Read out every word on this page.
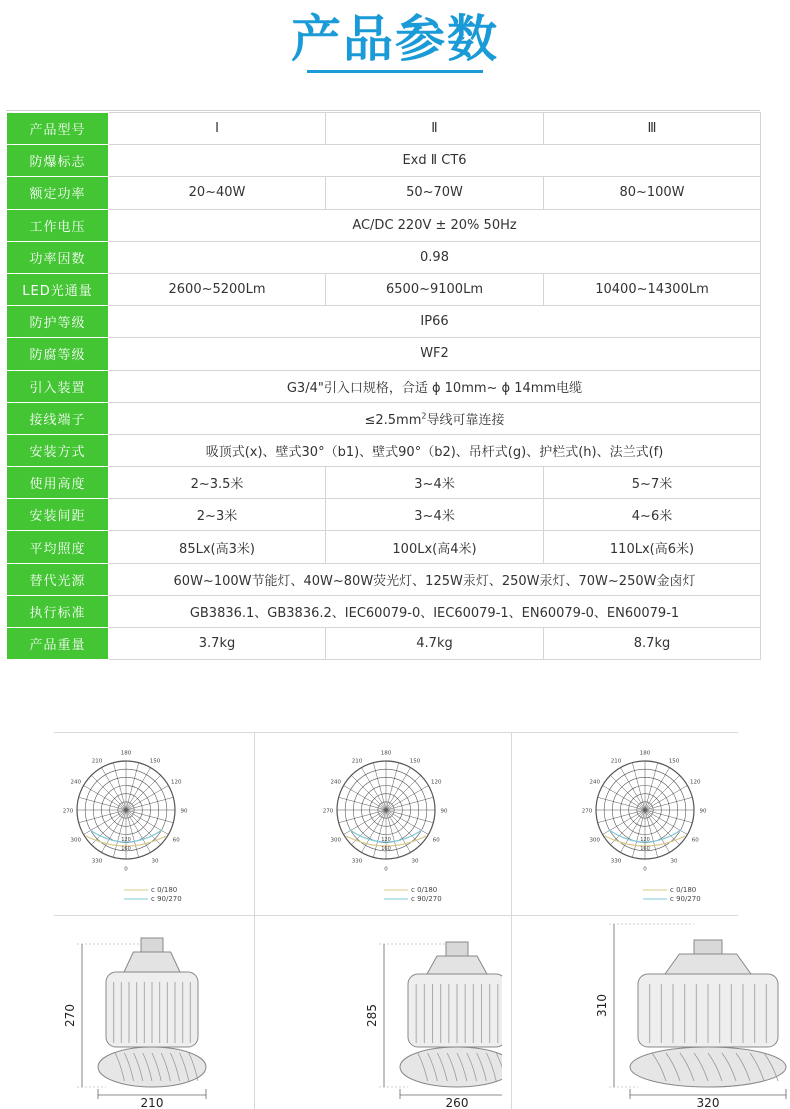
产品参数
产品型号	Ⅰ	Ⅱ	Ⅲ
防爆标志	Exd Ⅱ CT6		
额定功率	20~40W	50~70W	80~100W
工作电压	AC/DC 220V ± 20% 50Hz		
功率因数	0.98		
LED光通量	2600~5200Lm	6500~9100Lm	10400~14300Lm
防护等级	IP66		
防腐等级	WF2		
引入装置	G3/4"引入口规格，合适 ϕ 10mm~ ϕ 14mm电缆		
接线端子	$\le 2.5mm^2$导线可靠连接		
安装方式	吸顶式(x)、壁式30°（b1)、壁式90°（b2)、吊杆式(g)、护栏式(h)、法兰式(f)		
使用高度	2~3.5米	3~4米	5~7米
安装间距	2~3米	3~4米	4~6米
平均照度	85Lx(高3米)	100Lx(高4米)	110Lx(高6米)
替代光源	60W~100W节能灯、40W~80W荧光灯、125W汞灯、250W汞灯、70W~250W金卤灯		
执行标准	GB3836.1、GB3836.2、IEC60079-0、IEC60079-1、EN60079-0、EN60079-1		
产品重量	3.7kg	4.7kg	8.7kg
180
150
120
90
60
30
0
330
300
270
240
210
120
160
c 0/180
c 90/270
180
150
120
90
60
30
0
330
300
270
240
210
120
160
c 0/180
c 90/270
180
150
120
90
60
30
0
330
300
270
240
210
120
160
c 0/180
c 90/270
270
210
285
260
310
320
